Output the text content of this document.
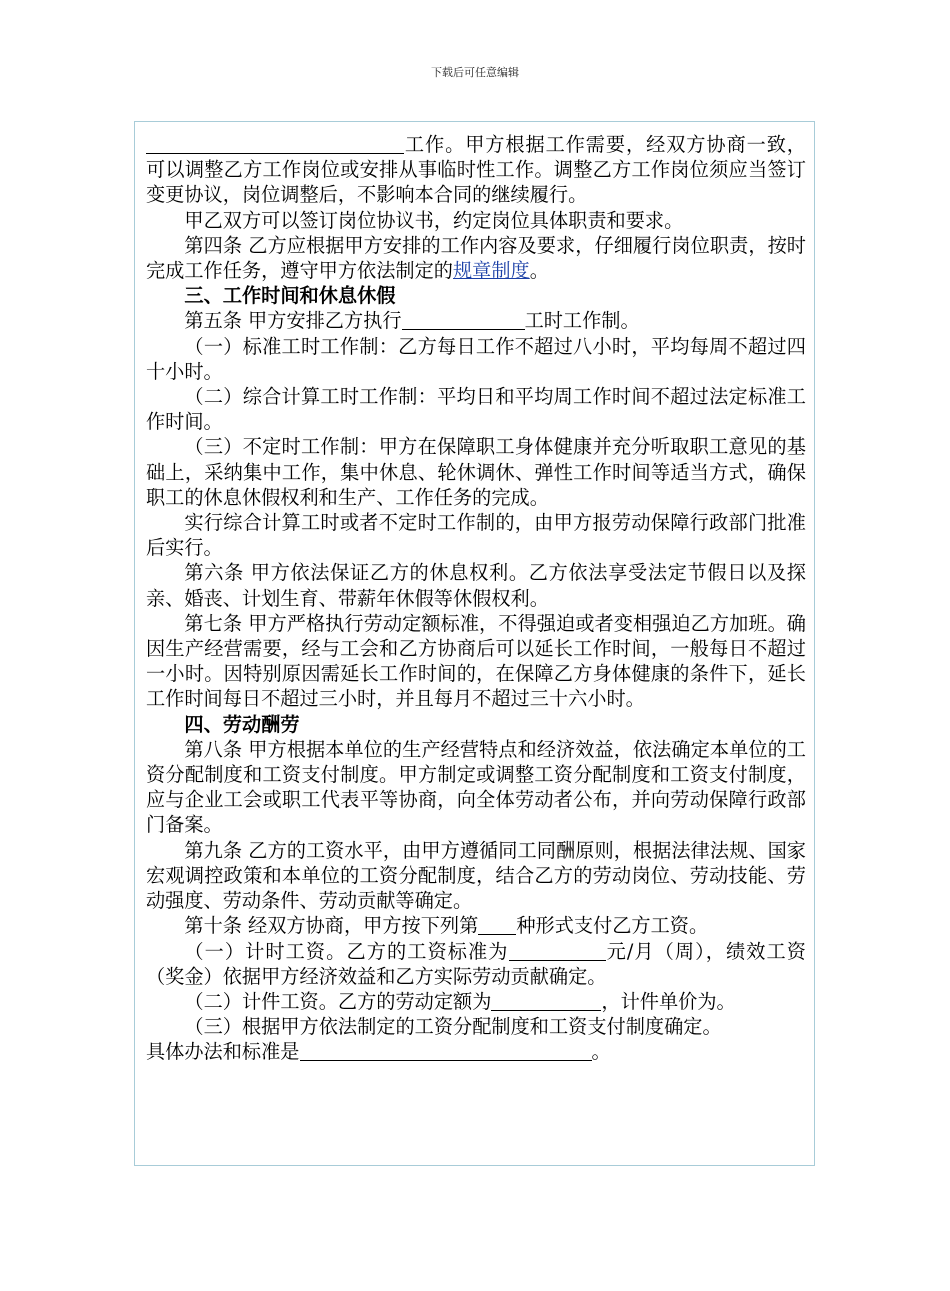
下载后可任意编辑

工作。甲方根据工作需要，经双方协商一致，可以调整乙方工作岗位或安排从事临时性工作。调整乙方工作岗位须应当签订变更协议，岗位调整后，不影响本合同的继续履行。

甲乙双方可以签订岗位协议书，约定岗位具体职责和要求。

第四条 乙方应根据甲方安排的工作内容及要求，仔细履行岗位职责，按时完成工作任务，遵守甲方依法制定的规章制度。

三、工作时间和休息休假

第五条 甲方安排乙方执行	工时工作制。

（一）标准工时工作制：乙方每日工作不超过八小时，平均每周不超过四十小时。

（二）综合计算工时工作制：平均日和平均周工作时间不超过法定标准工作时间。

（三）不定时工作制：甲方在保障职工身体健康并充分听取职工意见的基础上，采纳集中工作，集中休息、轮休调休、弹性工作时间等适当方式，确保职工的休息休假权利和生产、工作任务的完成。

实行综合计算工时或者不定时工作制的，由甲方报劳动保障行政部门批准后实行。

第六条 甲方依法保证乙方的休息权利。乙方依法享受法定节假日以及探亲、婚丧、计划生育、带薪年休假等休假权利。

第七条 甲方严格执行劳动定额标准，不得强迫或者变相强迫乙方加班。确因生产经营需要，经与工会和乙方协商后可以延长工作时间，一般每日不超过一小时。因特别原因需延长工作时间的，在保障乙方身体健康的条件下，延长工作时间每日不超过三小时，并且每月不超过三十六小时。

四、劳动酬劳

第八条 甲方根据本单位的生产经营特点和经济效益，依法确定本单位的工资分配制度和工资支付制度。甲方制定或调整工资分配制度和工资支付制度，应与企业工会或职工代表平等协商，向全体劳动者公布，并向劳动保障行政部门备案。

第九条 乙方的工资水平，由甲方遵循同工同酬原则，根据法律法规、国家宏观调控政策和本单位的工资分配制度，结合乙方的劳动岗位、劳动技能、劳动强度、劳动条件、劳动贡献等确定。

第十条 经双方协商，甲方按下列第 种形式支付乙方工资。

（一）计时工资。乙方的工资标准为	元/月（周），绩效工资（奖金）依据甲方经济效益和乙方实际劳动贡献确定。

（二）计件工资。乙方的劳动定额为	，计件单价为。

（三）根据甲方依法制定的工资分配制度和工资支付制度确定。

具体办法和标准是	。
